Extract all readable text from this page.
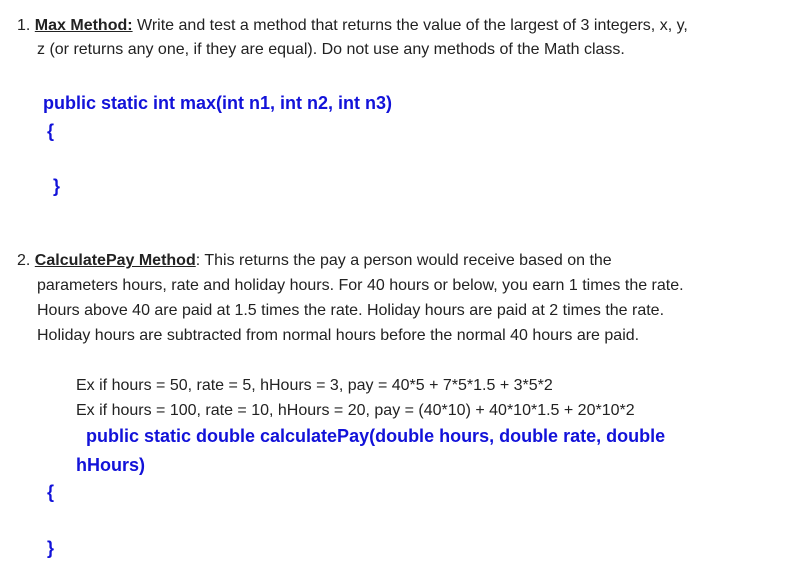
1. Max Method: Write and test a method that returns the value of the largest of 3 integers, x, y,
z (or returns any one, if they are equal). Do not use any methods of the Math class.
public static int max(int n1, int n2, int n3)
{
}
2. CalculatePay Method: This returns the pay a person would receive based on the
parameters hours, rate and holiday hours. For 40 hours or below, you earn 1 times the rate.
Hours above 40 are paid at 1.5 times the rate. Holiday hours are paid at 2 times the rate.
Holiday hours are subtracted from normal hours before the normal 40 hours are paid.
Ex if hours = 50, rate = 5, hHours = 3, pay = 40*5 + 7*5*1.5 + 3*5*2
Ex if hours = 100, rate = 10, hHours = 20, pay = (40*10) + 40*10*1.5 + 20*10*2
public static double calculatePay(double hours, double rate, double
hHours)
{
}
